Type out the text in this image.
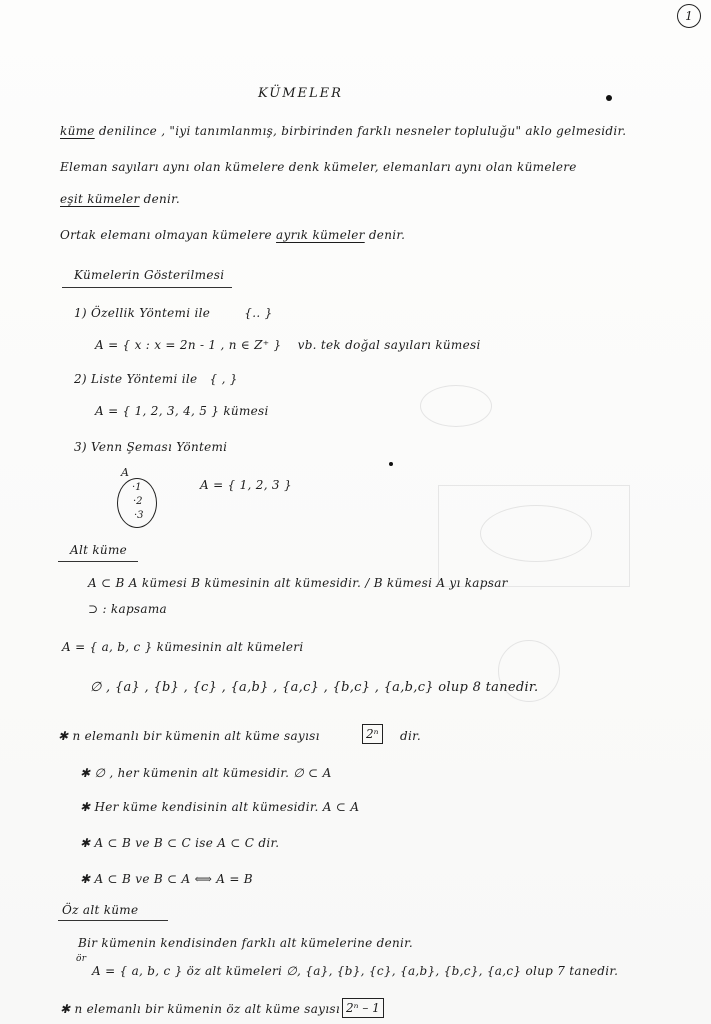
1
KÜMELER
küme denilince , "iyi tanımlanmış, birbirinden farklı nesneler topluluğu" aklo gelmesidir.
Eleman sayıları aynı olan kümelere denk kümeler, elemanları aynı olan kümelere
eşit kümeler denir.
Ortak elemanı olmayan kümelere ayrık kümeler denir.
Kümelerin Gösterilmesi
1) Özellik Yöntemi ile	{.. }
A = { x : x = 2n - 1 , n ∈ Z⁺ } vb. tek doğal sayıları kümesi
2) Liste Yöntemi ile { , }
A = { 1, 2, 3, 4, 5 } kümesi
3) Venn Şeması Yöntemi
A
·1
·2
·3
A = { 1, 2, 3 }
Alt küme
A ⊂ B A kümesi B kümesinin alt kümesidir. / B kümesi A yı kapsar
⊃ : kapsama
A = { a, b, c } kümesinin alt kümeleri
∅ , {a} , {b} , {c} , {a,b} , {a,c} , {b,c} , {a,b,c} olup 8 tanedir.
✱ n elemanlı bir kümenin alt küme sayısı	2ⁿ	dir.
✱ ∅ , her kümenin alt kümesidir. ∅ ⊂ A
✱ Her küme kendisinin alt kümesidir. A ⊂ A
✱ A ⊂ B ve B ⊂ C ise A ⊂ C dir.
✱ A ⊂ B ve B ⊂ A ⟺ A = B
Öz alt küme
Bir kümenin kendisinden farklı alt kümelerine denir.
ör
A = { a, b, c } öz alt kümeleri ∅, {a}, {b}, {c}, {a,b}, {b,c}, {a,c} olup 7 tanedir.
✱ n elemanlı bir kümenin öz alt küme sayısı 2ⁿ – 1
